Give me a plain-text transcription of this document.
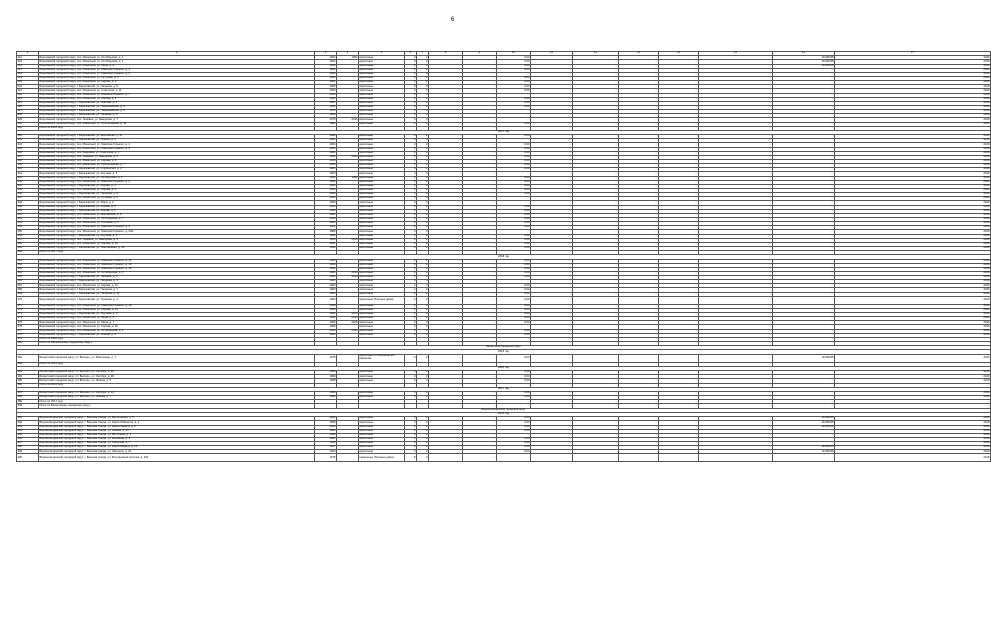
6
1	2	3	4	5	6	7	8	9	10	11	12	13	14	15	16	17
314	Березовский городской округ, пос. Монетный, ул. Октябрьская, д. 1	1962	1992	кирпичные	3	2	…	…	0,00	…	…	…	…	…	19.608,88	2016
315	Березовский городской округ, пос. Монетный, ул. Октябрьская, д. 2	1962		кирпичные	3	2	…	…	0,00	…	…	…	…	…	19.608,88	2016
316	Березовский городской округ, пос. Монетный, ул. Мира, д. 9	1959		кирпичные	2	2	…	…	0,00	…	…	…	…	…	19.608,88	2016
317	Березовский городской округ, пос. Монетный, ул. Максима Горького, д. 3	1962		кирпичные	2	2	…	…	0,00	…	…	…	…	…	…	2016
318	Березовский городской округ, пос. Монетный, ул. Максима Горького, д. 5	1964		кирпичные	4	4	…	…	…	…	…	…	…	…	…	2016
319	Березовский городской округ, пос. Монетный, ул. Кутузова, д. 3	1966		кирпичные	2	2	…	…	0,00	…	…	…	…	…	…	2016
320	Березовский городской округ, пос. Монетный, ул. Кирова, д. 1	1961		кирпичные	2	2	…	…	0,00	…	…	…	…	…	…	2016
321	Березовский городской округ, г. Березовский, ул. Гагарина, д. 5	1966		кирпичные	3	3	…	…	0,00	…	…	…	…	…	…	2016
322	Березовский городской округ, пос. Монетный, ул. Советская, д. 11	1960		кирпичные	3	4	…	…	0,00	…	…	…	…	…	…	2016
323	Березовский городской округ, пос. Монетный, ул. Максима Горького, д. 7	1965		кирпичные	5	4	…	…	…	…	…	…	…	…	…	2016
324	Березовский городской округ, пос. Монетный, ул. Кирова, д. 2	1963		кирпичные	2	2	…	…	0,00	…	…	…	…	…	…	2016
325	Березовский городской округ, г. Березовский, ул. Чкалова, д. 4	1957		кирпичные	2	2	…	…	0,00	…	…	…	…	…	…	2016
326	Березовский городской округ, г. Березовский, ул. Первомайская, д. 1	1962		кирпичные	3	2	…	…	0,00	…	…	…	…	…	…	2016
327	Березовский городской округ, г. Березовский, ул. Первомайская, д. 3	1975		кирпичные	5	4	…	…	…	…	…	…	…	…	…	2016
328	Березовский городской округ, г. Березовский, ул. Чапаева, д. 8	1966		кирпичные	5	4	…	…	…	…	…	…	…	…	…	2016
329	Березовский городской округ, пос. Ленёвка, ул. Заводская, д. 7	1976	2016	кирпичные	5	4	…	…	…	…	…	…	…	…	…	2016
330	Березовский городской округ, пос. Монетный, ул. Пролетарская, д. 11	1960		кирпичные	2	2	…	…	0,00	…	…	…	…	…	…	2016
331	Итого по 2016 году						…	…	…	…	…	…	…	…	…	-
2017 год																
332	Березовский городской округ, г. Березовский, ул. Шиловская, д. 11	1962		кирпичные	3	2	…	…	0,00	…	…	…	…	…	…	2016
333	Березовский городской округ, г. Березовский, ул. Ленина, д. 2	1961		кирпичные	4	4	…	…	…	…	…	…	…	…	…	2016
334	Березовский городской округ, пос. Монетный, ул. Максима Горького, д. 1	1964		кирпичные	2	2	…	…	0,00	…	…	…	…	…	…	2016
335	Березовский городской округ, пос. Монетный, ул. Максима Горького, д. 9	1964		кирпичные	2	2	…	…	0,00	…	…	…	…	…	…	2016
336	Березовский городской округ, пос. Кедровка, ул. Советская, д. 1	1961		кирпичные	2	2	…	…	0,00	…	…	…	…	…	…	2016
337	Березовский городской округ, пос. Ленёвка, ул. Заводская, д. 5	1961	2003	кирпичные	3	2	…	…	0,00	…	…	…	…	…	…	2016
338	Березовский городской округ, пос. Монетный, ул. Кирова, д. 8	1969		кирпичные	3	2	…	…	0,00	…	…	…	…	…	…	2016
339	Березовский городской округ, пос. Монетный, ул. Пролетарская, д. 7	1958		кирпичные	2	2	…	…	0,00	…	…	…	…	…	…	2016
340	Березовский городской округ, г. Березовский, ул. Строителей, д. 3	1963		кирпичные	3	2	…	…	0,00	…	…	…	…	…	…	2016
341	Березовский городской округ, г. Березовский, ул. Анучина, д. 5	1960		кирпичные	4	4	…	…	…	…	…	…	…	…	…	2016
342	Березовский городской округ, г. Березовский, ул. Октябрьская, д. 1	1962	1992	кирпичные	3	2	…	…	0,00	…	…	…	…	…	…	2016
343	Березовский городской округ, пос. Монетный, ул. Максима Горького, д. 2	1961		кирпичные	2	2	…	…	0,00	…	…	…	…	…	…	2016
344	Березовский городской округ, г. Березовский, ул. Кирова, д. 4	1963		кирпичные	3	2	…	…	0,00	…	…	…	…	…	…	2016
345	Березовский городской округ, пос. Монетный, ул. Кирова, д. 6	1959		кирпичные	2	2	…	…	0,00	…	…	…	…	…	…	2016
346	Березовский городской округ, г. Березовский, ул. Гагарина, д. 9	1960		кирпичные	3	2	…	…	0,00	…	…	…	…	…	…	2016
347	Березовский городской округ, пос. Монетный, ул. Лучника, д. 3	1962		кирпичные	4	4	…	…	…	…	…	…	…	…	…	2016
348	Березовский городской округ, г. Березовский, ул. Мира, д. 3	1966		кирпичные	4	4	…	…	…	…	…	…	…	…	…	2016
349	Березовский городской округ, г. Березовский, ул. Кирова, д. 8	1964		кирпичные	2	2	…	…	0,00	…	…	…	…	…	…	2016
350	Березовский городской округ, г. Березовский, ул. Кирова, д. 9	1964		кирпичные	3	2	…	…	0,00	…	…	…	…	…	…	2016
351	Березовский городской округ, пос. Монетный, ул. Шиловская, д. 6	1961		кирпичные	2	2	…	…	0,00	…	…	…	…	…	…	2016
352	Березовский городской округ, пос. Монетный, ул. Октябрьская, д. 7	1963		кирпичные	2	2	…	…	0,00	…	…	…	…	…	…	2016
353	Березовский городской округ, пос. Монетный, ул. Пушкина, д. 3	1963		кирпичные	2	2	…	…	0,00	…	…	…	…	…	…	2016
354	Березовский городской округ, пос. Монетный, ул. Максима Горького, д. 4	1961		кирпичные	2	2	…	…	0,00	…	…	…	…	…	…	2016
355	Березовский городской округ, пос. Монетный, ул. Максима Горького, д. 24А	1986		кирпичные	4	4	…	…	…	…	…	…	…	…	…	2016
356	Березовский городской округ, г. Березовский, ул. Анучина, д. 9	1962		кирпичные	3	2	…	…	0,00	…	…	…	…	…	…	2016
357	Березовский городской округ, пос. Ленёвка, ул. Заводская, д. 3	1958	2016	кирпичные	2	2	…	…	0,00	…	…	…	…	…	…	2016
358	Березовский городской округ, пос. Монетный, ул. Кирова, д. 10	1961		кирпичные	2	2	…	…	0,00	…	…	…	…	…	…	2016
359	Березовский городской округ, г. Березовский, ул. Театральная, д. 10	1999		кирпичные	3	2	…	…	0,00	…	…	…	…	…	…	2016
360	Итого по 2017 году						…	…	…	…	…	…	…	…	…	-
2018 год																
361	Березовский городской округ, пос. Монетный, ул. Максима Горького, д. 11	1960		кирпичные	2	2	…	…	0,00	…	…	…	…	…	…	2016
362	Березовский городской округ, пос. Монетный, ул. Максима Горького, д. 13	1960		кирпичные	2	2	…	…	0,00	…	…	…	…	…	…	2016
363	Березовский городской округ, пос. Монетный, ул. Максима Горького, д. 15	1962		кирпичные	2	2	…	…	0,00	…	…	…	…	…	…	2016
364	Березовский городской округ, пос. Монетный, ул. Октябрьская, д. 5	1961	2019	кирпичные	2	2	…	…	0,00	…	…	…	…	…	…	2016
365	Березовский городской округ, г. Березовский, ул. Чапаева, д. 4	1963	2020	кирпичные	3	2	…	…	0,00	…	…	…	…	…	…	2016
366	Березовский городской округ, г. Березовский, ул. Гагарина, д. 3	1961		кирпичные	4	4	…	…	…	…	…	…	…	…	…	2016
367	Березовский городской округ, пос. Монетный, ул. Кирова, д. 12	1964		кирпичные	2	2	…	…	0,00	…	…	…	…	…	…	2016
368	Березовский городской округ, г. Березовский, ул. Гагарина, д. 7	1963		кирпичные	2	2	…	…	0,00	…	…	…	…	…	…	2016
369	Березовский городской округ, г. Березовский, ул. Гагарина, д. 11	1963		кирпичные	2	2	…	…	0,00	…	…	…	…	…	…	2016
370	Березовский городской округ, г. Березовский, ул. Пушкина, д. 4	1960		кирпичные (блочные дома)	2	2	…	…	0,00	…	…	…	…	…	…	2016
371	Березовский городской округ, пос. Монетный, ул. Максима Горького, д. 19	1958		кирпичные	2	2	…	…	0,00	…	…	…	…	…	…	2016
372	Березовский городской округ, пос. Монетный, ул. Кирова, д. 14	1958		кирпичные	2	2	…	…	0,00	…	…	…	…	…	…	2016
373	Березовский городской округ, г. Березовский, ул. Анучина, д. 3	1962	2016	кирпичные	2	2	…	…	0,00	…	…	…	…	…	…	2016
374	Березовский городской округ, пос. Монетный, ул. Мира, д. 5	1962	2016	кирпичные	2	2	…	…	0,00	…	…	…	…	…	…	2016
375	Березовский городской округ, пос. Монетный, ул. Мира, д. 7	1962	2016	кирпичные	2	2	…	…	0,00	…	…	…	…	…	…	2016
376	Березовский городской округ, пос. Монетный, ул. Кирова, д. 16	1965		кирпичные	4	4	…	…	…	…	…	…	…	…	…	2016
377	Березовский городской округ, пос. Монетный, ул. Октябрьская, д. 9	1964	2016	кирпичные	2	2	…	…	0,00	…	…	…	…	…	…	2016
378	Березовский городской округ, г. Березовский, ул. Ленина, д. 8	1966		кирпичные	3	3	…	…	0,00	…	…	…	…	…	…	2016
379	Итого по 2018 году						…	…	…	…	…	…	…	…	…	-
380	Итого по Березовскому городскому округу						…	…	…	…	…	…	…	…	…	-
Бисертский городской округ																
2015 год																
381	Бисертский городской округ, пгт Бисерть, ул. Революции, д. 7	1975		кирпичные со сборными ж/б каркасом	3	2	…	…	0,00	…	…	…	…	…	19.608,88	2016
382	Итого по 2015 году						…	…	…	…	…	…	…	…	…	-
2016 год																
383	Бисертский городской округ, пгт Бисерть, ул. Октября, д. 26	1960		кирпичные	3	2	…	…	0,00	…	…	…	…	…	…	2016
384	Бисертский городской округ, пгт Бисерть, ул. Октября, д. 28	1960		кирпичные	2	2	…	…	0,00	…	…	…	…	…	…	2016
385	Бисертский городской округ, пгт Бисерть, ул. Ленина, д. 5	1968		кирпичные	3	2	…	…	0,00	…	…	…	…	…	…	2016
386	Итого по 2016 году						…	…	…	…	…	…	…	…	…	-
2017 год																
387	Бисертский городской округ, пгт Бисерть, ул. Октября, д. 24	1960		кирпичные	3	2	…	…	0,00	…	…	…	…	…	…	2016
388	Бисертский городской округ, пгт Бисерть, ул. Ленина, д. 7	1962		кирпичные	3	2	…	…	0,00	…	…	…	…	…	…	2016
389	Итого по 2017 году						…	…	…	…	…	…	…	…	…	-
390	Итого по Бисертскому городскому округу						…	…	…	…	…	…	…	…	…	-
Верхнесалдинский городской округ																
2015 год																
391	Верхнесалдинский городской округ, г. Верхняя Салда, ул. Евстигнеева, д. 5	1962		кирпичные	3	2	…	…	0,00	…	…	…	…	…	19.608,88	2016
392	Верхнесалдинский городской округ, г. Верхняя Салда, ул. Карла Либкнехта, д. 1	1959		кирпичные	3	2	…	…	0,00	…	…	…	…	…	19.608,88	2016
393	Верхнесалдинский городской округ, г. Верхняя Салда, ул. Карла Маркса, д. 6	1960		кирпичные	3	2	…	…	0,00	…	…	…	…	…	19.608,88	2016
394	Верхнесалдинский городской округ, г. Верхняя Салда, ул. Ленина, д. 21	1960		кирпичные	2	2	…	…	0,00	…	…	…	…	…	…	2016
395	Верхнесалдинский городской округ, г. Верхняя Салда, ул. Восточная, д. 1	1963		кирпичные	4	4	…	…	…	…	…	…	…	…	…	2016
396	Верхнесалдинский городской округ, г. Верхняя Салда, ул. Калинина, д. 3	1961		кирпичные	3	2	…	…	0,00	…	…	…	…	…	…	2016
397	Верхнесалдинский городской округ, г. Верхняя Салда, ул. Сабурова, д. 7	1962		кирпичные	3	2	…	…	0,00	…	…	…	…	…	…	2016
398	Верхнесалдинский городской округ, г. Верхняя Салда, ул. Карла Маркса, д. 13	1957		кирпичные	3	2	…	…	0,00	…	…	…	…	…	19.608,88	2016
399	Верхнесалдинский городской округ, г. Верхняя Салда, ул. Энгельса, д. 42	1963		кирпичные	3	2	…	…	0,00	…	…	…	…	…	19.608,88	2016
400	Верхнесалдинский городской округ, г. Верхняя Салда, ул. Молодежный поселок, д. 100	1975		панельные (блочные дома)	5	4	…	…	…	…	…	…	…	…	…	2016
